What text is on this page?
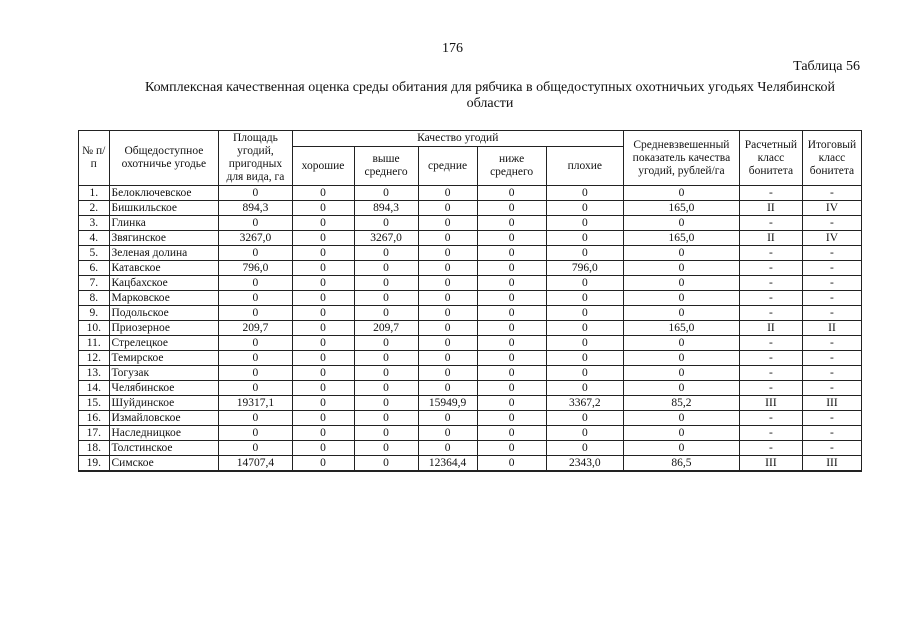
176
Таблица 56
Комплексная качественная оценка среды обитания для рябчика в общедоступных охотничьих угодьях Челябинской области
№ п/п	Общедоступное охотничье угодье	Площадь угодий, пригодных для вида, га	Качество угодий					Средневзвешенный показатель качества угодий, рублей/га	Расчетный класс бонитета	Итоговый класс бонитета
			хорошие	выше среднего	средние	ниже среднего	плохие			
1.	Белоключевское	0	0	0	0	0	0	0	-	-
2.	Бишкильское	894,3	0	894,3	0	0	0	165,0	II	IV
3.	Глинка	0	0	0	0	0	0	0	-	-
4.	Звягинское	3267,0	0	3267,0	0	0	0	165,0	II	IV
5.	Зеленая долина	0	0	0	0	0	0	0	-	-
6.	Катавское	796,0	0	0	0	0	796,0	0	-	-
7.	Кацбахское	0	0	0	0	0	0	0	-	-
8.	Марковское	0	0	0	0	0	0	0	-	-
9.	Подольское	0	0	0	0	0	0	0	-	-
10.	Приозерное	209,7	0	209,7	0	0	0	165,0	II	II
11.	Стрелецкое	0	0	0	0	0	0	0	-	-
12.	Темирское	0	0	0	0	0	0	0	-	-
13.	Тогузак	0	0	0	0	0	0	0	-	-
14.	Челябинское	0	0	0	0	0	0	0	-	-
15.	Шуйдинское	19317,1	0	0	15949,9	0	3367,2	85,2	III	III
16.	Измайловское	0	0	0	0	0	0	0	-	-
17.	Наследницкое	0	0	0	0	0	0	0	-	-
18.	Толстинское	0	0	0	0	0	0	0	-	-
19.	Симское	14707,4	0	0	12364,4	0	2343,0	86,5	III	III
